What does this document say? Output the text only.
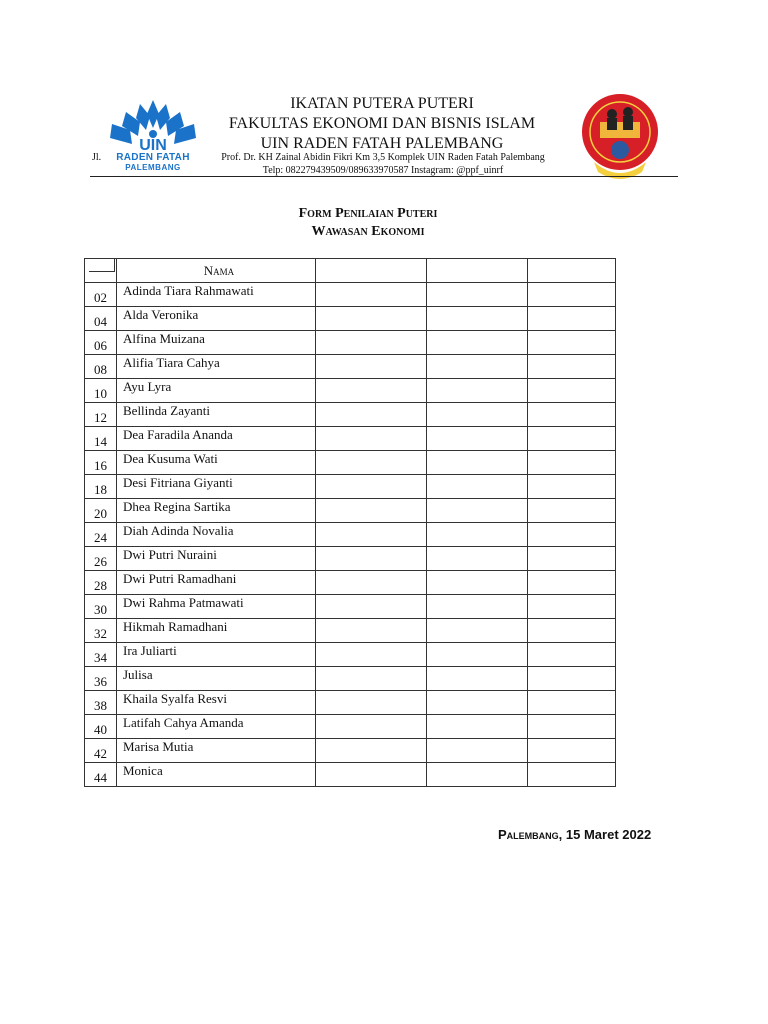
UIN
RADEN FATAH
PALEMBANG
Jl.
IKATAN PUTERA PUTERI
FAKULTAS EKONOMI DAN BISNIS ISLAM
UIN RADEN FATAH PALEMBANG
Prof. Dr. KH Zainal Abidin Fikri Km 3,5 Komplek UIN Raden Fatah Palembang
Telp: 082279439509/089633970587 Instagram: @ppf_uinrf
Form Penilaian Puteri
Wawasan Ekonomi
	Nama			
02	Adinda Tiara Rahmawati			
04	Alda Veronika			
06	Alfina Muizana			
08	Alifia Tiara Cahya			
10	Ayu Lyra			
12	Bellinda Zayanti			
14	Dea Faradila Ananda			
16	Dea Kusuma Wati			
18	Desi Fitriana Giyanti			
20	Dhea Regina Sartika			
24	Diah Adinda Novalia			
26	Dwi Putri Nuraini			
28	Dwi Putri Ramadhani			
30	Dwi Rahma Patmawati			
32	Hikmah Ramadhani			
34	Ira Juliarti			
36	Julisa			
38	Khaila Syalfa Resvi			
40	Latifah Cahya Amanda			
42	Marisa Mutia			
44	Monica			
Palembang, 15 Maret 2022
